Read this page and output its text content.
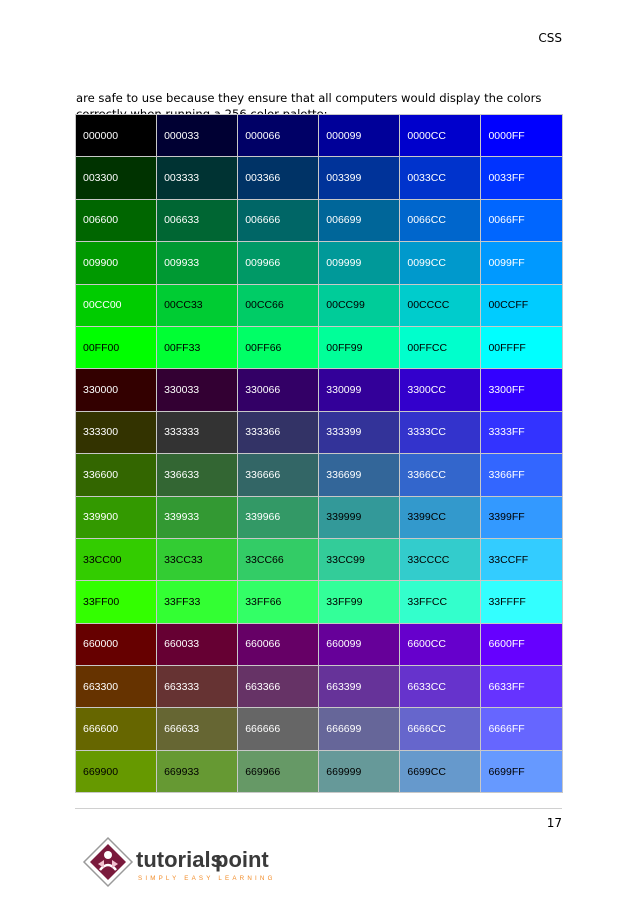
CSS

are safe to use because they ensure that all computers would display the colors

000000	000033	000066	000099	0000CC	0000FF
003300	003333	003366	003399	0033CC	0033FF
006600	006633	006666	006699	0066CC	0066FF
009900	009933	009966	009999	0099CC	0099FF
00CC00	00CC33	00CC66	00CC99	00CCCC	00CCFF
00FF00	00FF33	00FF66	00FF99	00FFCC	00FFFF
330000	330033	330066	330099	3300CC	3300FF
333300	333333	333366	333399	3333CC	3333FF
336600	336633	336666	336699	3366CC	3366FF
339900	339933	339966	339999	3399CC	3399FF
33CC00	33CC33	33CC66	33CC99	33CCCC	33CCFF
33FF00	33FF33	33FF66	33FF99	33FFCC	33FFFF
660000	660033	660066	660099	6600CC	6600FF
663300	663333	663366	663399	6633CC	6633FF
666600	666633	666666	666699	6666CC	6666FF
669900	669933	669966	669999	6699CC	6699FF
17
tutorials
point
SIMPLY EASY LEARNING
